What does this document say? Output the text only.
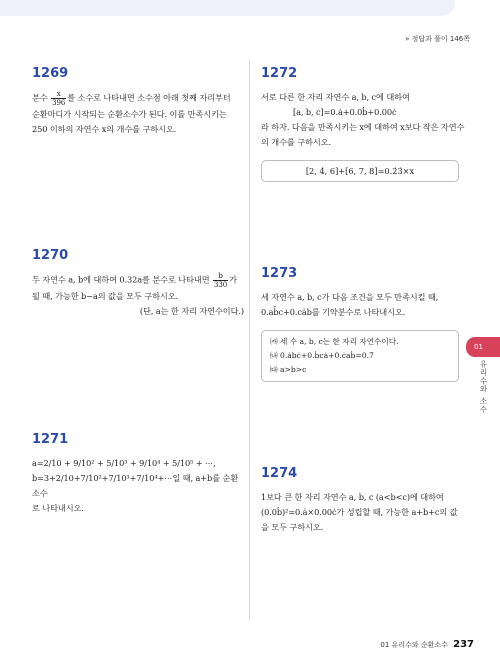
» 정답과 풀이 146쪽
1269
분수 $\frac{x}{396}$ 를 소수로 나타내면 소수점 아래 첫째 자리부터
순환마디가 시작되는 순환소수가 된다. 이를 만족시키는
250 이하의 자연수 x의 개수를 구하시오.
1270
두 자연수 a, b에 대하여 0.32a를 분수로 나타내면 $\frac{b}{330}$ 가
될 때, 가능한 b−a의 값을 모두 구하시오.

(단, a는 한 자리 자연수이다.)
1271
a=2/10 + 9/10² + 5/10³ + 9/10⁴ + 5/10⁵ + ⋯,
b=3+2/10+7/10²+7/10³+7/10⁴+⋯일 때, a+b를 순환소수
로 나타내시오.
1272
서로 다른 한 자리 자연수 a, b, c에 대하여

[a, b, c]=0.ȧ+0.0ḃ+0.00ċ
라 하자. 다음을 만족시키는 x에 대하여 x보다 작은 자연수
의 개수를 구하시오.
[2, 4, 6]+[6, 7, 8]=0.2̇3̇×x
1273
세 자연수 a, b, c가 다음 조건을 모두 만족시킬 때,
0.ab̄c+0.cȧb를 기약분수로 나타내시오.
㈎ 세 수 a, b, c는 한 자리 자연수이다.
㈏ 0.ȧbċ+0.ḃcȧ+0.ċaḃ=0.7̇
㈐ a>b>c
1274
1보다 큰 한 자리 자연수 a, b, c (a<b<c)에 대하여
(0.0ḃ)²=0.ȧ×0.00ċ가 성립할 때, 가능한 a+b+c의 값
을 모두 구하시오.
01
유리수와 소수
01 유리수와 순환소수 237
